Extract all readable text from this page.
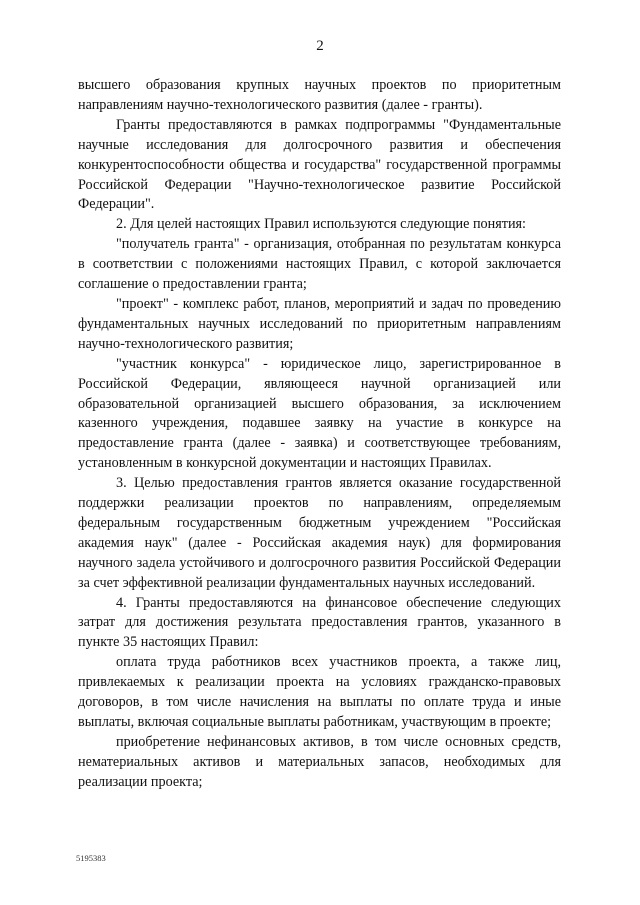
2

высшего образования крупных научных проектов по приоритетным направлениям научно-технологического развития (далее - гранты).

Гранты предоставляются в рамках подпрограммы "Фундаментальные научные исследования для долгосрочного развития и обеспечения конкурентоспособности общества и государства" государственной программы Российской Федерации "Научно-технологическое развитие Российской Федерации".

2. Для целей настоящих Правил используются следующие понятия:

"получатель гранта" - организация, отобранная по результатам конкурса в соответствии с положениями настоящих Правил, с которой заключается соглашение о предоставлении гранта;

"проект" - комплекс работ, планов, мероприятий и задач по проведению фундаментальных научных исследований по приоритетным направлениям научно-технологического развития;

"участник конкурса" - юридическое лицо, зарегистрированное в Российской Федерации, являющееся научной организацией или образовательной организацией высшего образования, за исключением казенного учреждения, подавшее заявку на участие в конкурсе на предоставление гранта (далее - заявка) и соответствующее требованиям, установленным в конкурсной документации и настоящих Правилах.

3. Целью предоставления грантов является оказание государственной поддержки реализации проектов по направлениям, определяемым федеральным государственным бюджетным учреждением "Российская академия наук" (далее - Российская академия наук) для формирования научного задела устойчивого и долгосрочного развития Российской Федерации за счет эффективной реализации фундаментальных научных исследований.

4. Гранты предоставляются на финансовое обеспечение следующих затрат для достижения результата предоставления грантов, указанного в пункте 35 настоящих Правил:

оплата труда работников всех участников проекта, а также лиц, привлекаемых к реализации проекта на условиях гражданско-правовых договоров, в том числе начисления на выплаты по оплате труда и иные выплаты, включая социальные выплаты работникам, участвующим в проекте;

приобретение нефинансовых активов, в том числе основных средств, нематериальных активов и материальных запасов, необходимых для реализации проекта;

5195383
